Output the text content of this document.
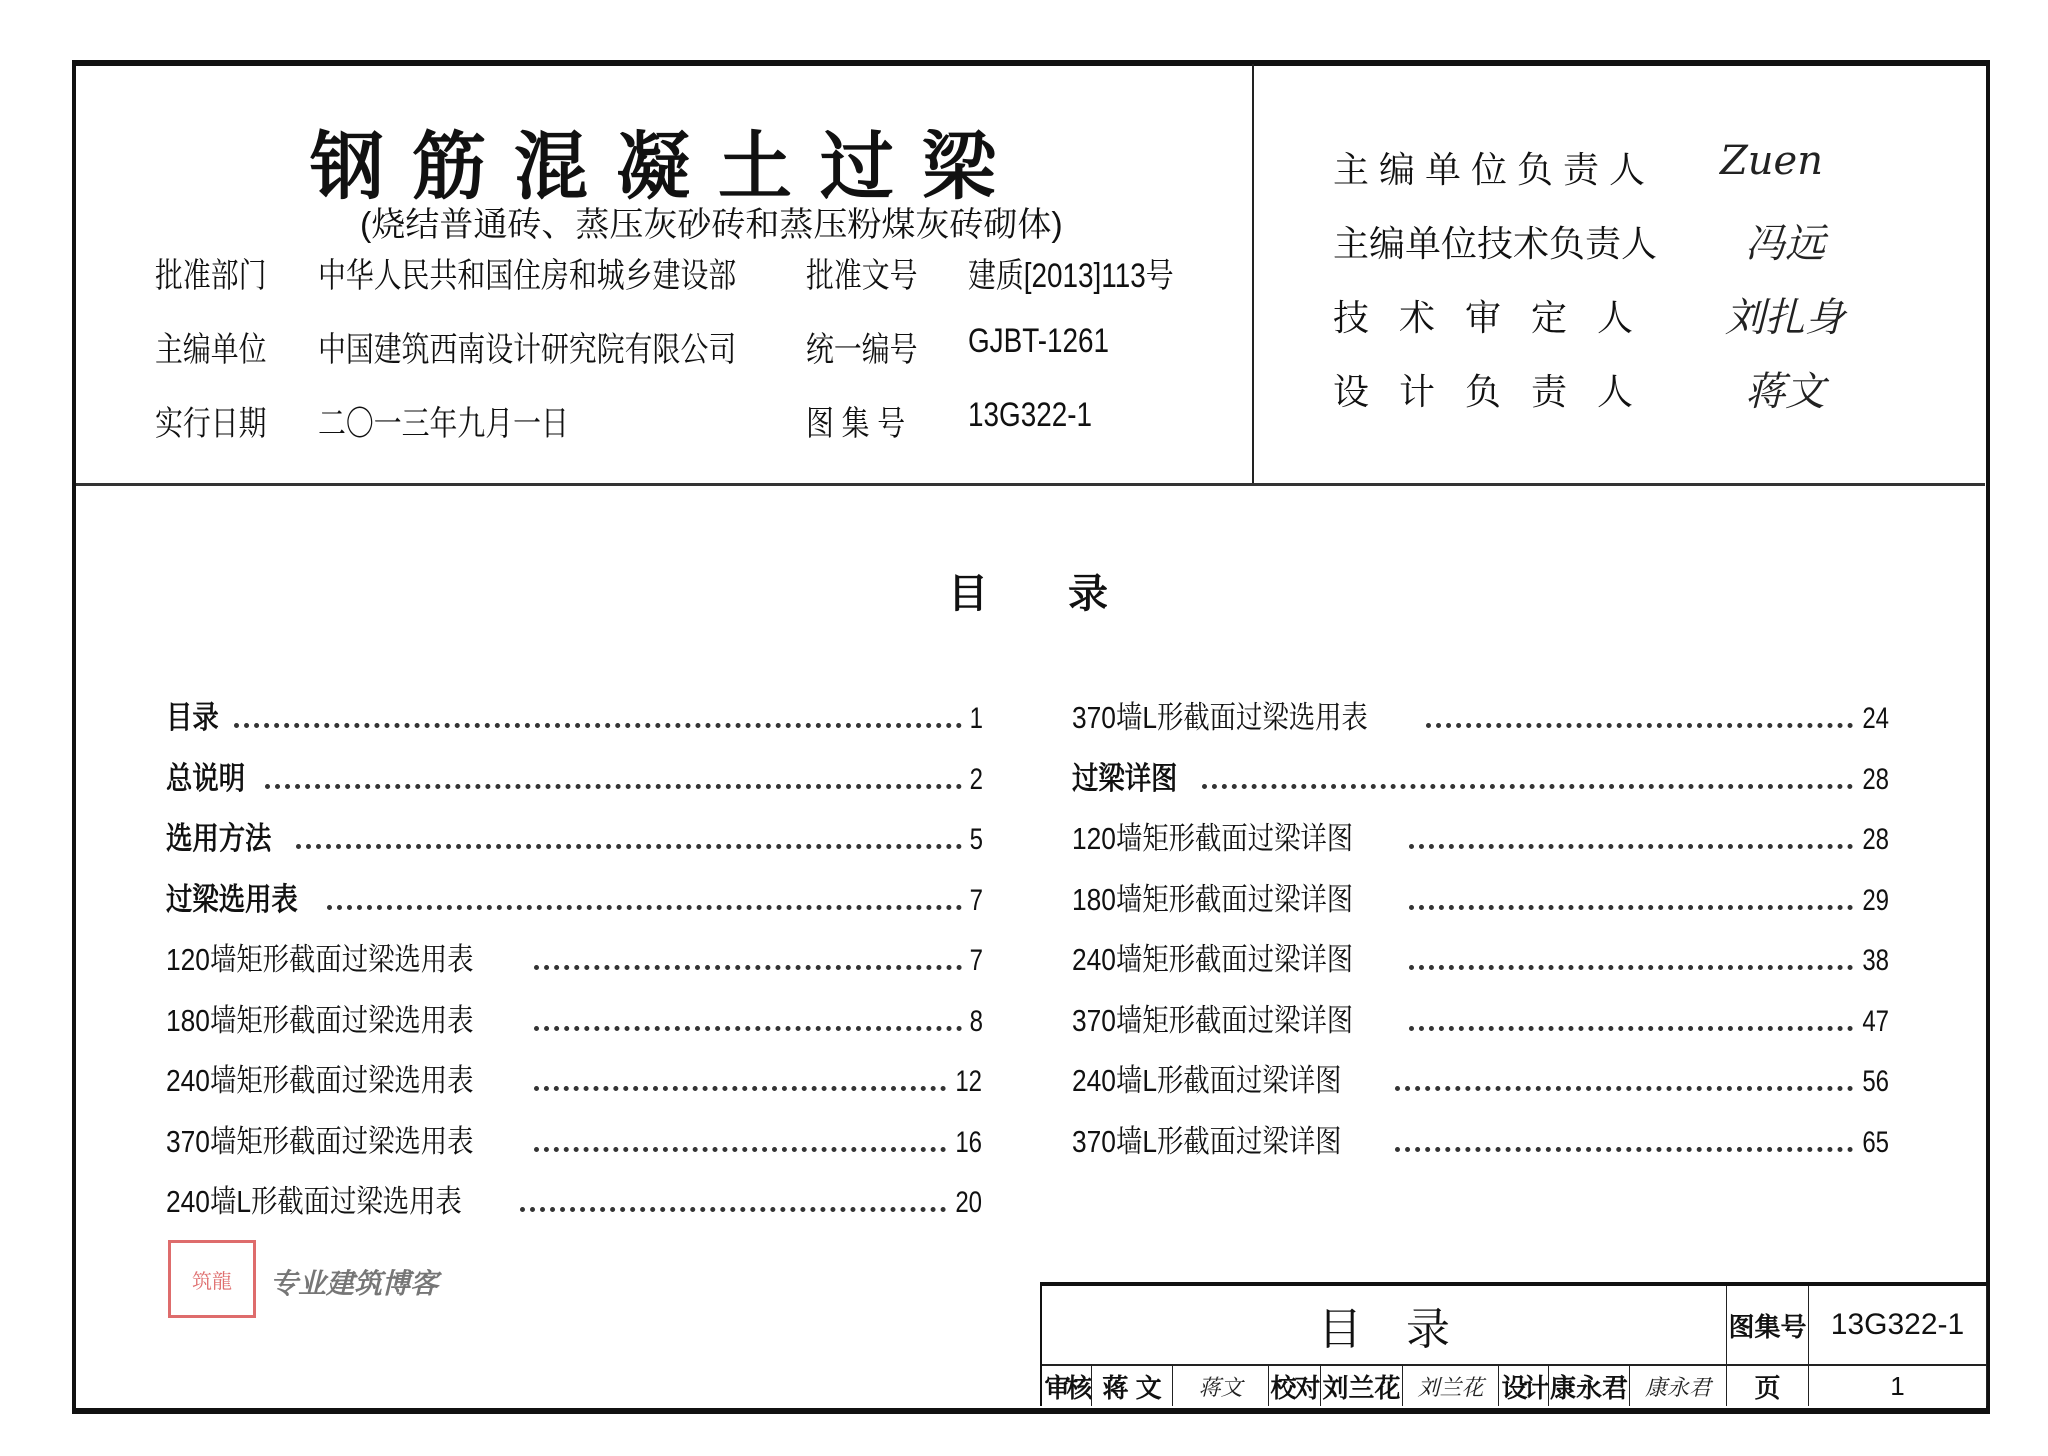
钢筋混凝土过梁
(烧结普通砖、蒸压灰砂砖和蒸压粉煤灰砖砌体)
批准部门 中华人民共和国住房和城乡建设部 批准文号 建质[2013]113号
主编单位 中国建筑西南设计研究院有限公司 统一编号 GJBT-1261
实行日期 二〇一三年九月一日	图 集 号 13G322-1
主编单位负责人 Zuen
主编单位技术负责人 冯远
技术审定人 刘扎身
设计负责人 蒋文
目　　录
目录	1
总说明	2
选用方法	5
过梁选用表	7
120墙矩形截面过梁选用表	7
180墙矩形截面过梁选用表	8
240墙矩形截面过梁选用表	12
370墙矩形截面过梁选用表	16
240墙L形截面过梁选用表	20
370墙L形截面过梁选用表	24
过梁详图	28
120墙矩形截面过梁详图	28
180墙矩形截面过梁详图	29
240墙矩形截面过梁详图	38
370墙矩形截面过梁详图	47
240墙L形截面过梁详图	56
370墙L形截面过梁详图	65
筑龍	专业建筑博客
目　录	图集号 13G322-1
审核 蒋 文	蒋文	校对 刘兰花 刘兰花 设计 康永君 康永君	页	1
